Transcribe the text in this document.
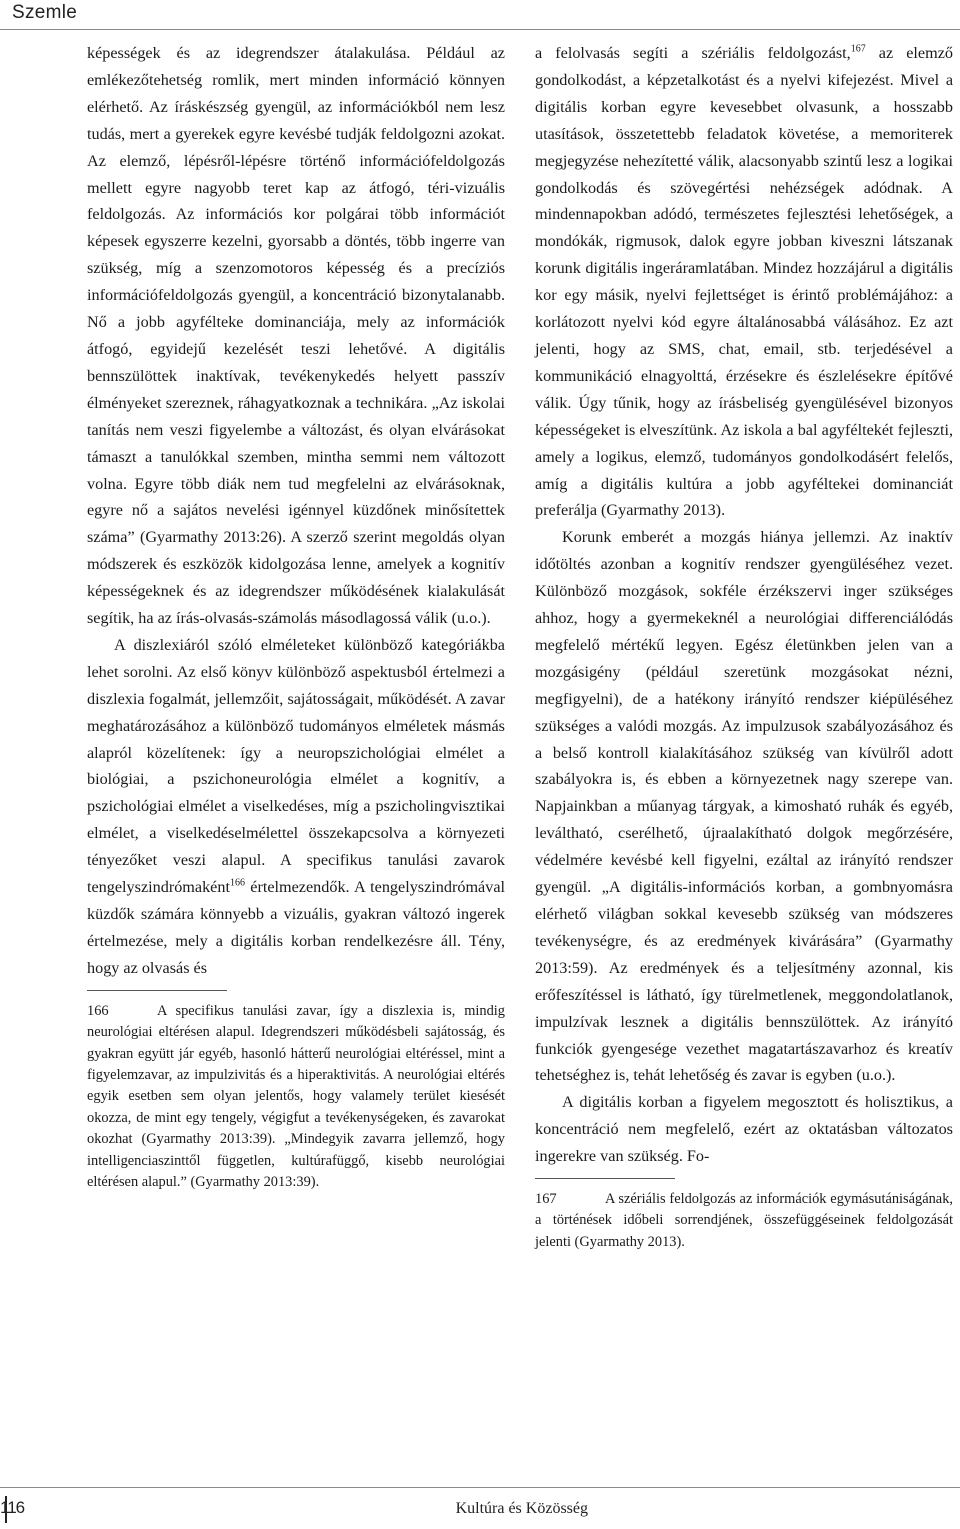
Szemle

képességek és az idegrendszer átalakulása. Például az emlékezőtehetség romlik, mert minden információ könnyen elérhető. Az íráskészség gyengül, az információkból nem lesz tudás, mert a gyerekek egyre kevésbé tudják feldolgozni azokat. Az elemző, lépésről-lépésre történő információfeldolgozás mellett egyre nagyobb teret kap az átfogó, téri-vizuális feldolgozás. Az információs kor polgárai több információt képesek egyszerre kezelni, gyorsabb a döntés, több ingerre van szükség, míg a szenzomotoros képesség és a precíziós információfeldolgozás gyengül, a koncentráció bizonytalanabb. Nő a jobb agyfélteke dominanciája, mely az információk átfogó, egyidejű kezelését teszi lehetővé. A digitális bennszülöttek inaktívak, tevékenykedés helyett passzív élményeket szereznek, ráhagyatkoznak a technikára. „Az iskolai tanítás nem veszi figyelembe a változást, és olyan elvárásokat támaszt a tanulókkal szemben, mintha semmi nem változott volna. Egyre több diák nem tud megfelelni az elvárásoknak, egyre nő a sajátos nevelési igénnyel küzdőnek minősítettek száma” (Gyarmathy 2013:26). A szerző szerint megoldás olyan módszerek és eszközök kidolgozása lenne, amelyek a kognitív képességeknek és az idegrendszer működésének kialakulását segítik, ha az írás-olvasás-számolás másodlagossá válik (u.o.).

A diszlexiáról szóló elméleteket különböző kategóriákba lehet sorolni. Az első könyv különböző aspektusból értelmezi a diszlexia fogalmát, jellemzőit, sajátosságait, működését. A zavar meghatározásához a különböző tudományos elméletek másmás alapról közelítenek: így a neuropszichológiai elmélet a biológiai, a pszichoneurológia elmélet a kognitív, a pszichológiai elmélet a viselkedéses, míg a pszicholingvisztikai elmélet, a viselkedéselmélettel összekapcsolva a környezeti tényezőket veszi alapul. A specifikus tanulási zavarok tengelyszindrómaként$^{166}$ értelmezendők. A tengelyszindrómával küzdők számára könnyebb a vizuális, gyakran változó ingerek értelmezése, mely a digitális korban rendelkezésre áll. Tény, hogy az olvasás és

166	A specifikus tanulási zavar, így a diszlexia is, mindig neurológiai eltérésen alapul. Idegrendszeri működésbeli sajátosság, és gyakran együtt jár egyéb, hasonló hátterű neurológiai eltéréssel, mint a figyelemzavar, az impulzivitás és a hiperaktivitás. A neurológiai eltérés egyik esetben sem olyan jelentős, hogy valamely terület kiesését okozza, de mint egy tengely, végigfut a tevékenységeken, és zavarokat okozhat (Gyarmathy 2013:39). „Mindegyik zavarra jellemző, hogy intelligenciaszinttől független, kultúrafüggő, kisebb neurológiai eltérésen alapul.” (Gyarmathy 2013:39).

a felolvasás segíti a szériális feldolgozást,$^{167}$ az elemző gondolkodást, a képzetalkotást és a nyelvi kifejezést. Mivel a digitális korban egyre kevesebbet olvasunk, a hosszabb utasítások, összetettebb feladatok követése, a memoriterek megjegyzése nehezítetté válik, alacsonyabb szintű lesz a logikai gondolkodás és szövegértési nehézségek adódnak. A mindennapokban adódó, természetes fejlesztési lehetőségek, a mondókák, rigmusok, dalok egyre jobban kiveszni látszanak korunk digitális ingeráramlatában. Mindez hozzájárul a digitális kor egy másik, nyelvi fejlettséget is érintő problémájához: a korlátozott nyelvi kód egyre általánosabbá válásához. Ez azt jelenti, hogy az SMS, chat, email, stb. terjedésével a kommunikáció elnagyolttá, érzésekre és észlelésekre építővé válik. Úgy tűnik, hogy az írásbeliség gyengülésével bizonyos képességeket is elveszítünk. Az iskola a bal agyféltekét fejleszti, amely a logikus, elemző, tudományos gondolkodásért felelős, amíg a digitális kultúra a jobb agyféltekei dominanciát preferálja (Gyarmathy 2013).

Korunk emberét a mozgás hiánya jellemzi. Az inaktív időtöltés azonban a kognitív rendszer gyengüléséhez vezet. Különböző mozgások, sokféle érzékszervi inger szükséges ahhoz, hogy a gyermekeknél a neurológiai differenciálódás megfelelő mértékű legyen. Egész életünkben jelen van a mozgásigény (például szeretünk mozgásokat nézni, megfigyelni), de a hatékony irányító rendszer kiépüléséhez szükséges a valódi mozgás. Az impulzusok szabályozásához és a belső kontroll kialakításához szükség van kívülről adott szabályokra is, és ebben a környezetnek nagy szerepe van. Napjainkban a műanyag tárgyak, a kimosható ruhák és egyéb, leváltható, cserélhető, újraalakítható dolgok megőrzésére, védelmére kevésbé kell figyelni, ezáltal az irányító rendszer gyengül. „A digitális-információs korban, a gombnyomásra elérhető világban sokkal kevesebb szükség van módszeres tevékenységre, és az eredmények kivárására” (Gyarmathy 2013:59). Az eredmények és a teljesítmény azonnal, kis erőfeszítéssel is látható, így türelmetlenek, meggondolatlanok, impulzívak lesznek a digitális bennszülöttek. Az irányító funkciók gyengesége vezethet magatartászavarhoz és kreatív tehetséghez is, tehát lehetőség és zavar is egyben (u.o.).

A digitális korban a figyelem megosztott és holisztikus, a koncentráció nem megfelelő, ezért az oktatásban változatos ingerekre van szükség. Fo-

167	A szériális feldolgozás az információk egymásutániságának, a történések időbeli sorrendjének, összefüggéseinek feldolgozását jelenti (Gyarmathy 2013).

116	Kultúra és Közösség
